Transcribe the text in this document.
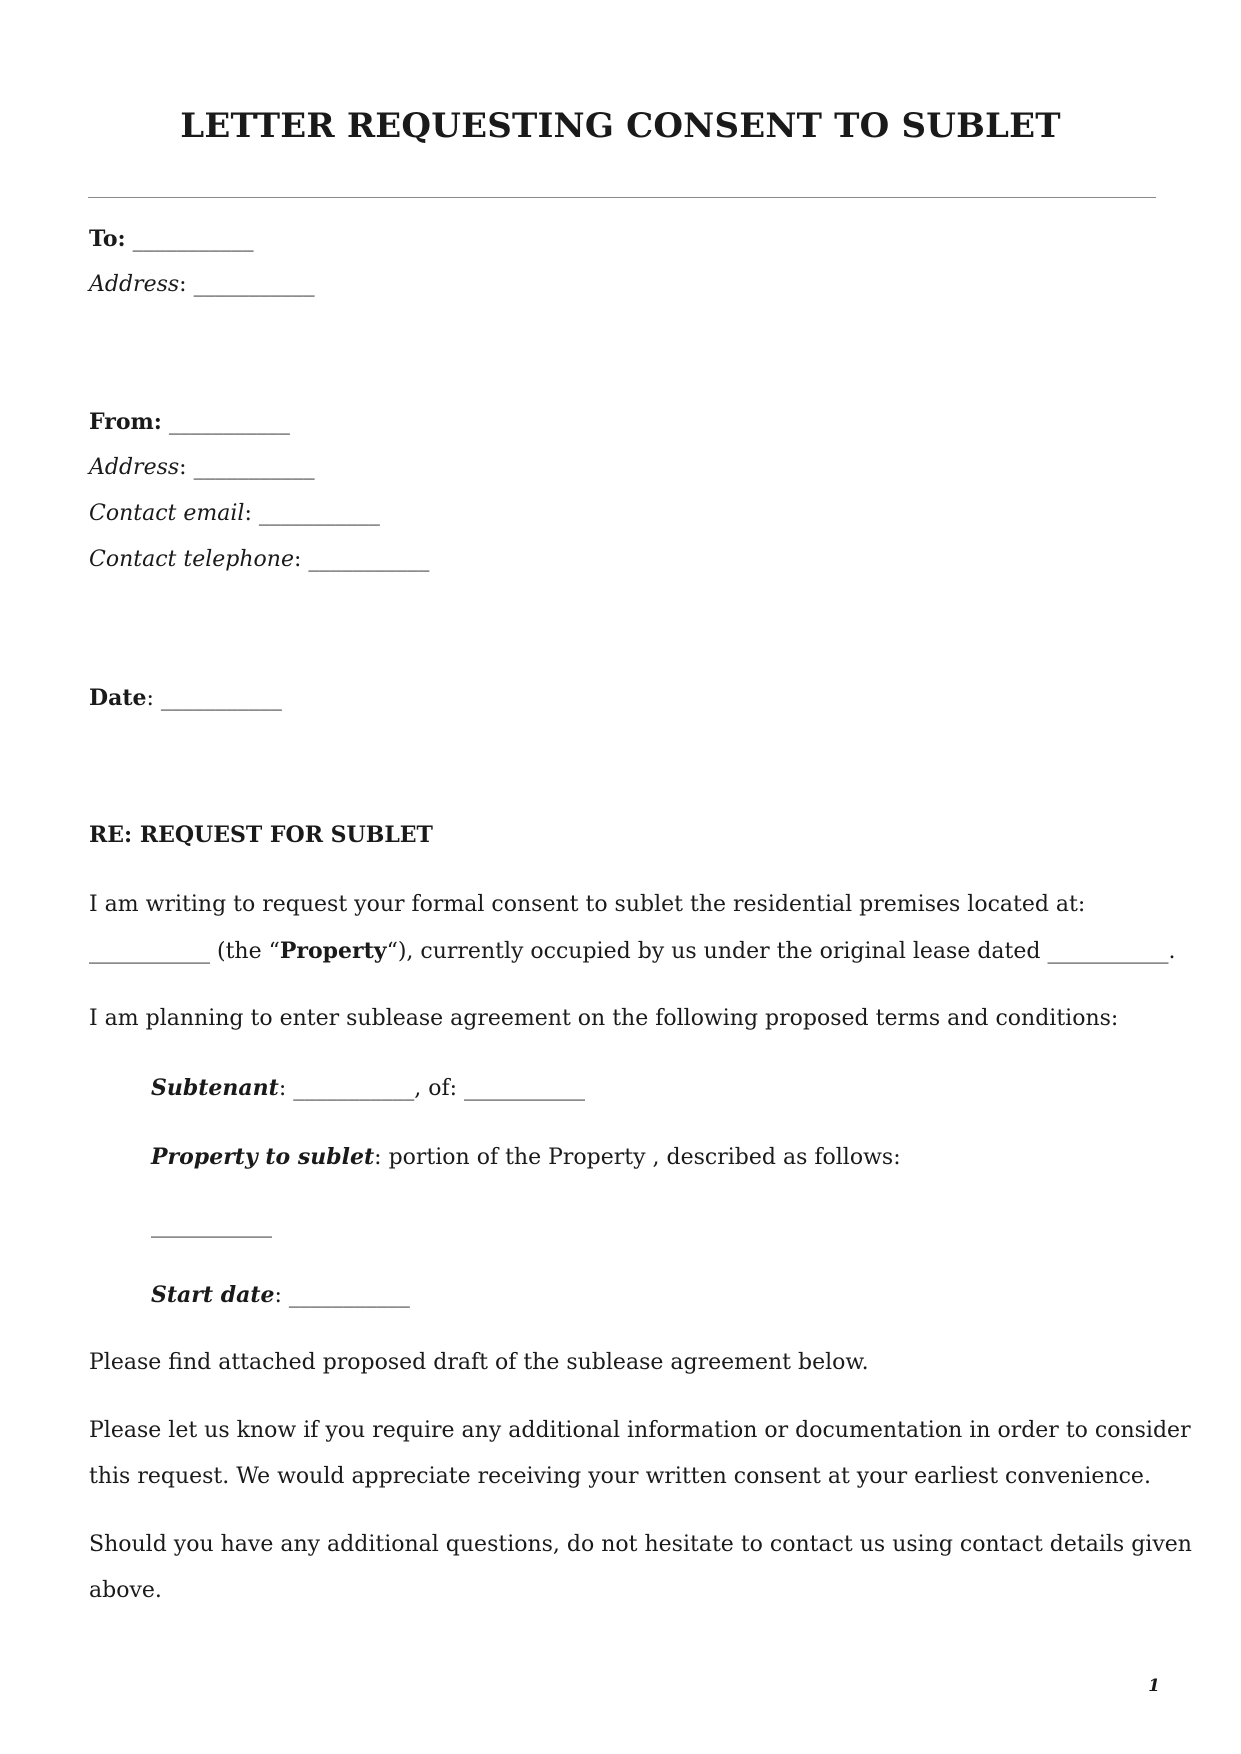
LETTER REQUESTING CONSENT TO SUBLET
To: ___________
Address: ___________
From: ___________
Address: ___________
Contact email: ___________
Contact telephone: ___________
Date: ___________
RE: REQUEST FOR SUBLET
I am writing to request your formal consent to sublet the residential premises located at:
___________ (the “Property“), currently occupied by us under the original lease dated ___________.
I am planning to enter sublease agreement on the following proposed terms and conditions:
Subtenant: ___________, of: ___________
Property to sublet: portion of the Property , described as follows:
___________
Start date: ___________
Please find attached proposed draft of the sublease agreement below.
Please let us know if you require any additional information or documentation in order to consider
this request. We would appreciate receiving your written consent at your earliest convenience.
Should you have any additional questions, do not hesitate to contact us using contact details given
above.
1
